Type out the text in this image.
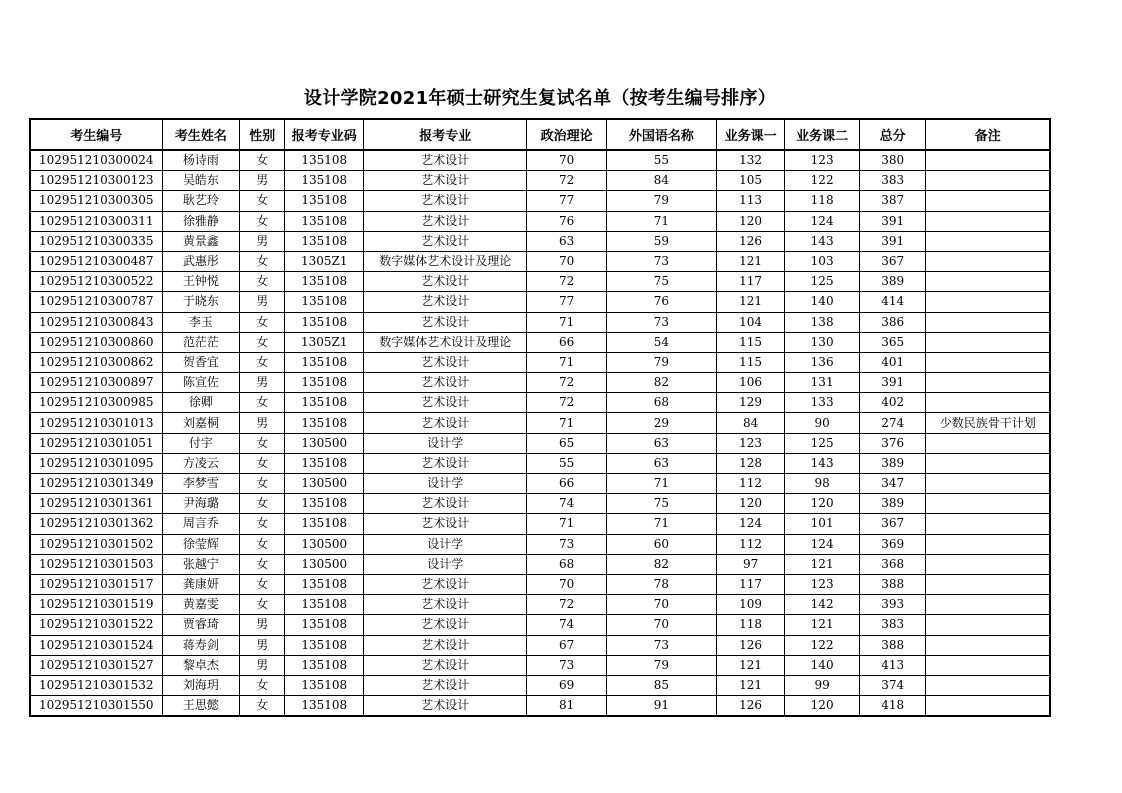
设计学院2021年硕士研究生复试名单（按考生编号排序）
考生编号	考生姓名	性别	报考专业码	报考专业	政治理论	外国语名称	业务课一	业务课二	总分	备注
102951210300024	杨诗雨	女	135108	艺术设计	70	55	132	123	380	
102951210300123	吴皓东	男	135108	艺术设计	72	84	105	122	383	
102951210300305	耿艺玲	女	135108	艺术设计	77	79	113	118	387	
102951210300311	徐雅静	女	135108	艺术设计	76	71	120	124	391	
102951210300335	黄景鑫	男	135108	艺术设计	63	59	126	143	391	
102951210300487	武惠彤	女	1305Z1	数字媒体艺术设计及理论	70	73	121	103	367	
102951210300522	王钟悦	女	135108	艺术设计	72	75	117	125	389	
102951210300787	于晓东	男	135108	艺术设计	77	76	121	140	414	
102951210300843	李玉	女	135108	艺术设计	71	73	104	138	386	
102951210300860	范茫茫	女	1305Z1	数字媒体艺术设计及理论	66	54	115	130	365	
102951210300862	贺香宜	女	135108	艺术设计	71	79	115	136	401	
102951210300897	陈宣佐	男	135108	艺术设计	72	82	106	131	391	
102951210300985	徐卿	女	135108	艺术设计	72	68	129	133	402	
102951210301013	刘嘉桐	男	135108	艺术设计	71	29	84	90	274	少数民族骨干计划
102951210301051	付宇	女	130500	设计学	65	63	123	125	376	
102951210301095	方凌云	女	135108	艺术设计	55	63	128	143	389	
102951210301349	李梦雪	女	130500	设计学	66	71	112	98	347	
102951210301361	尹海璐	女	135108	艺术设计	74	75	120	120	389	
102951210301362	周言乔	女	135108	艺术设计	71	71	124	101	367	
102951210301502	徐莹辉	女	130500	设计学	73	60	112	124	369	
102951210301503	张越宁	女	130500	设计学	68	82	97	121	368	
102951210301517	龚康妍	女	135108	艺术设计	70	78	117	123	388	
102951210301519	黄嘉雯	女	135108	艺术设计	72	70	109	142	393	
102951210301522	贾睿琦	男	135108	艺术设计	74	70	118	121	383	
102951210301524	蒋寿剑	男	135108	艺术设计	67	73	126	122	388	
102951210301527	黎卓杰	男	135108	艺术设计	73	79	121	140	413	
102951210301532	刘海玥	女	135108	艺术设计	69	85	121	99	374	
102951210301550	王思懿	女	135108	艺术设计	81	91	126	120	418	
